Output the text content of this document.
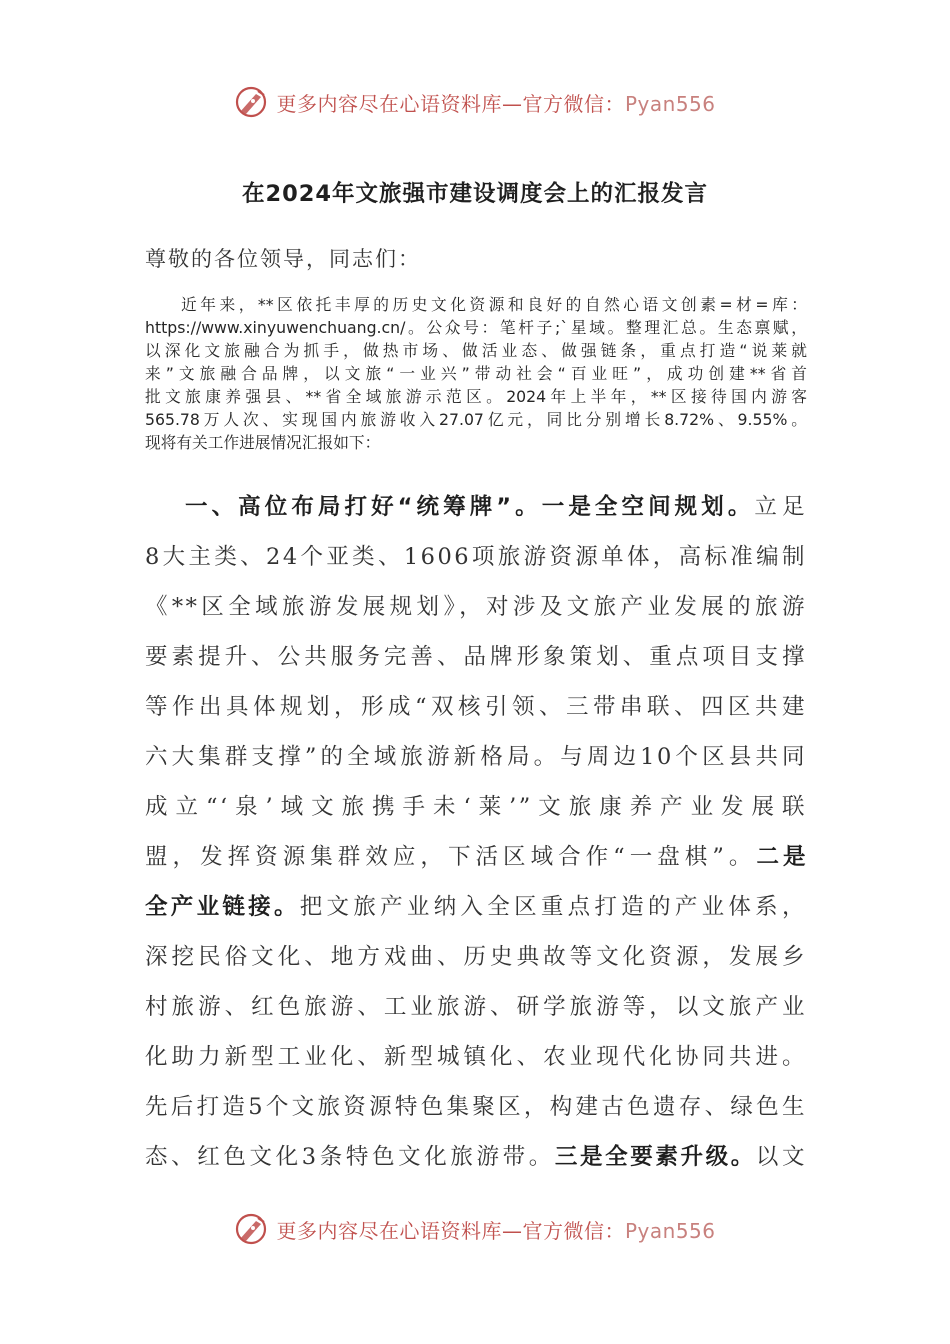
更多内容尽在心语资料库—官方微信：Pyan556
在2024年文旅强市建设调度会上的汇报发言
尊敬的各位领导，同志们：
近年来，**区依托丰厚的历史文化资源和良好的自然心语文创素=材=库：
https://www.xinyuwenchuang.cn/。公众号：笔杆子;`星域。整理汇总。生态禀赋，
以深化文旅融合为抓手，做热市场、做活业态、做强链条，重点打造“说莱就
来”文旅融合品牌，以文旅“一业兴”带动社会“百业旺”，成功创建**省首
批文旅康养强县、**省全域旅游示范区。2024年上半年，**区接待国内游客
565.78万人次、实现国内旅游收入27.07亿元，同比分别增长8.72%、9.55%。
现将有关工作进展情况汇报如下：
一、高位布局打好“统筹牌”。一是全空间规划。立足
8大主类、24个亚类、1606项旅游资源单体，高标准编制
《**区全域旅游发展规划》，对涉及文旅产业发展的旅游
要素提升、公共服务完善、品牌形象策划、重点项目支撑
等作出具体规划，形成“双核引领、三带串联、四区共建
六大集群支撑”的全域旅游新格局。与周边10个区县共同
成立“‘泉’域文旅携手未‘莱’”文旅康养产业发展联
盟，发挥资源集群效应，下活区域合作“一盘棋”。二是
全产业链接。把文旅产业纳入全区重点打造的产业体系，
深挖民俗文化、地方戏曲、历史典故等文化资源，发展乡
村旅游、红色旅游、工业旅游、研学旅游等，以文旅产业
化助力新型工业化、新型城镇化、农业现代化协同共进。
先后打造5个文旅资源特色集聚区，构建古色遗存、绿色生
态、红色文化3条特色文化旅游带。三是全要素升级。以文
更多内容尽在心语资料库—官方微信：Pyan556
